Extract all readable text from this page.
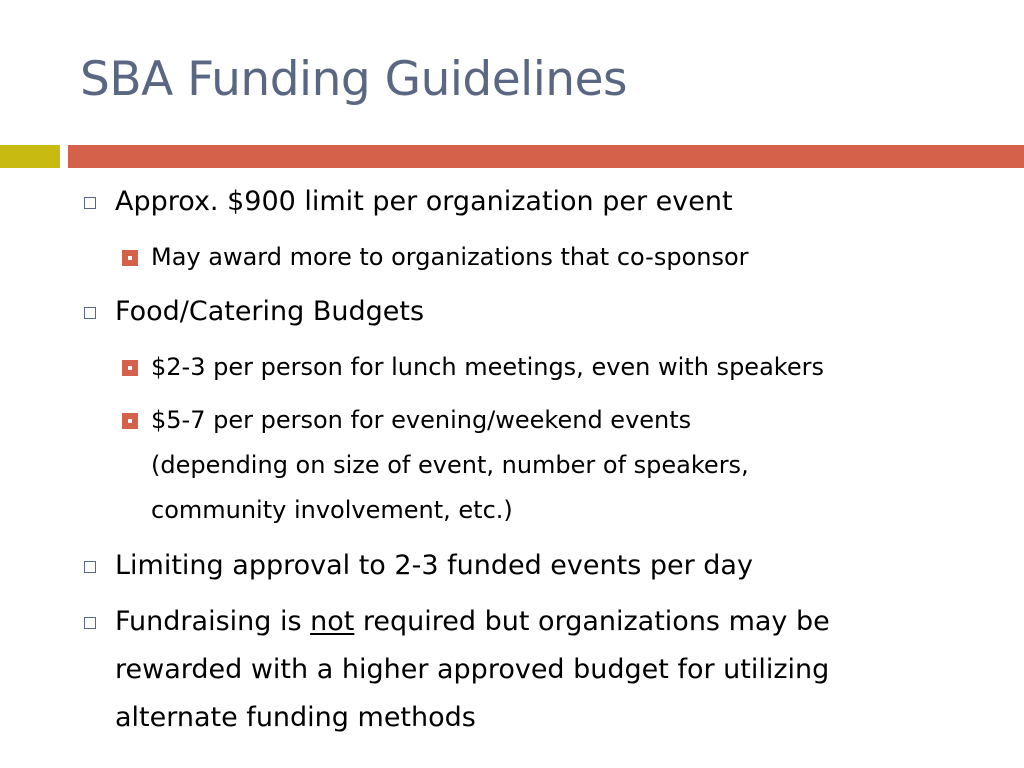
SBA Funding Guidelines
Approx. $900 limit per organization per event
May award more to organizations that co-sponsor
Food/Catering Budgets
$2-3 per person for lunch meetings, even with speakers
$5-7 per person for evening/weekend events
(depending on size of event, number of speakers,
community involvement, etc.)
Limiting approval to 2-3 funded events per day
Fundraising is not required but organizations may be
rewarded with a higher approved budget for utilizing
alternate funding methods
